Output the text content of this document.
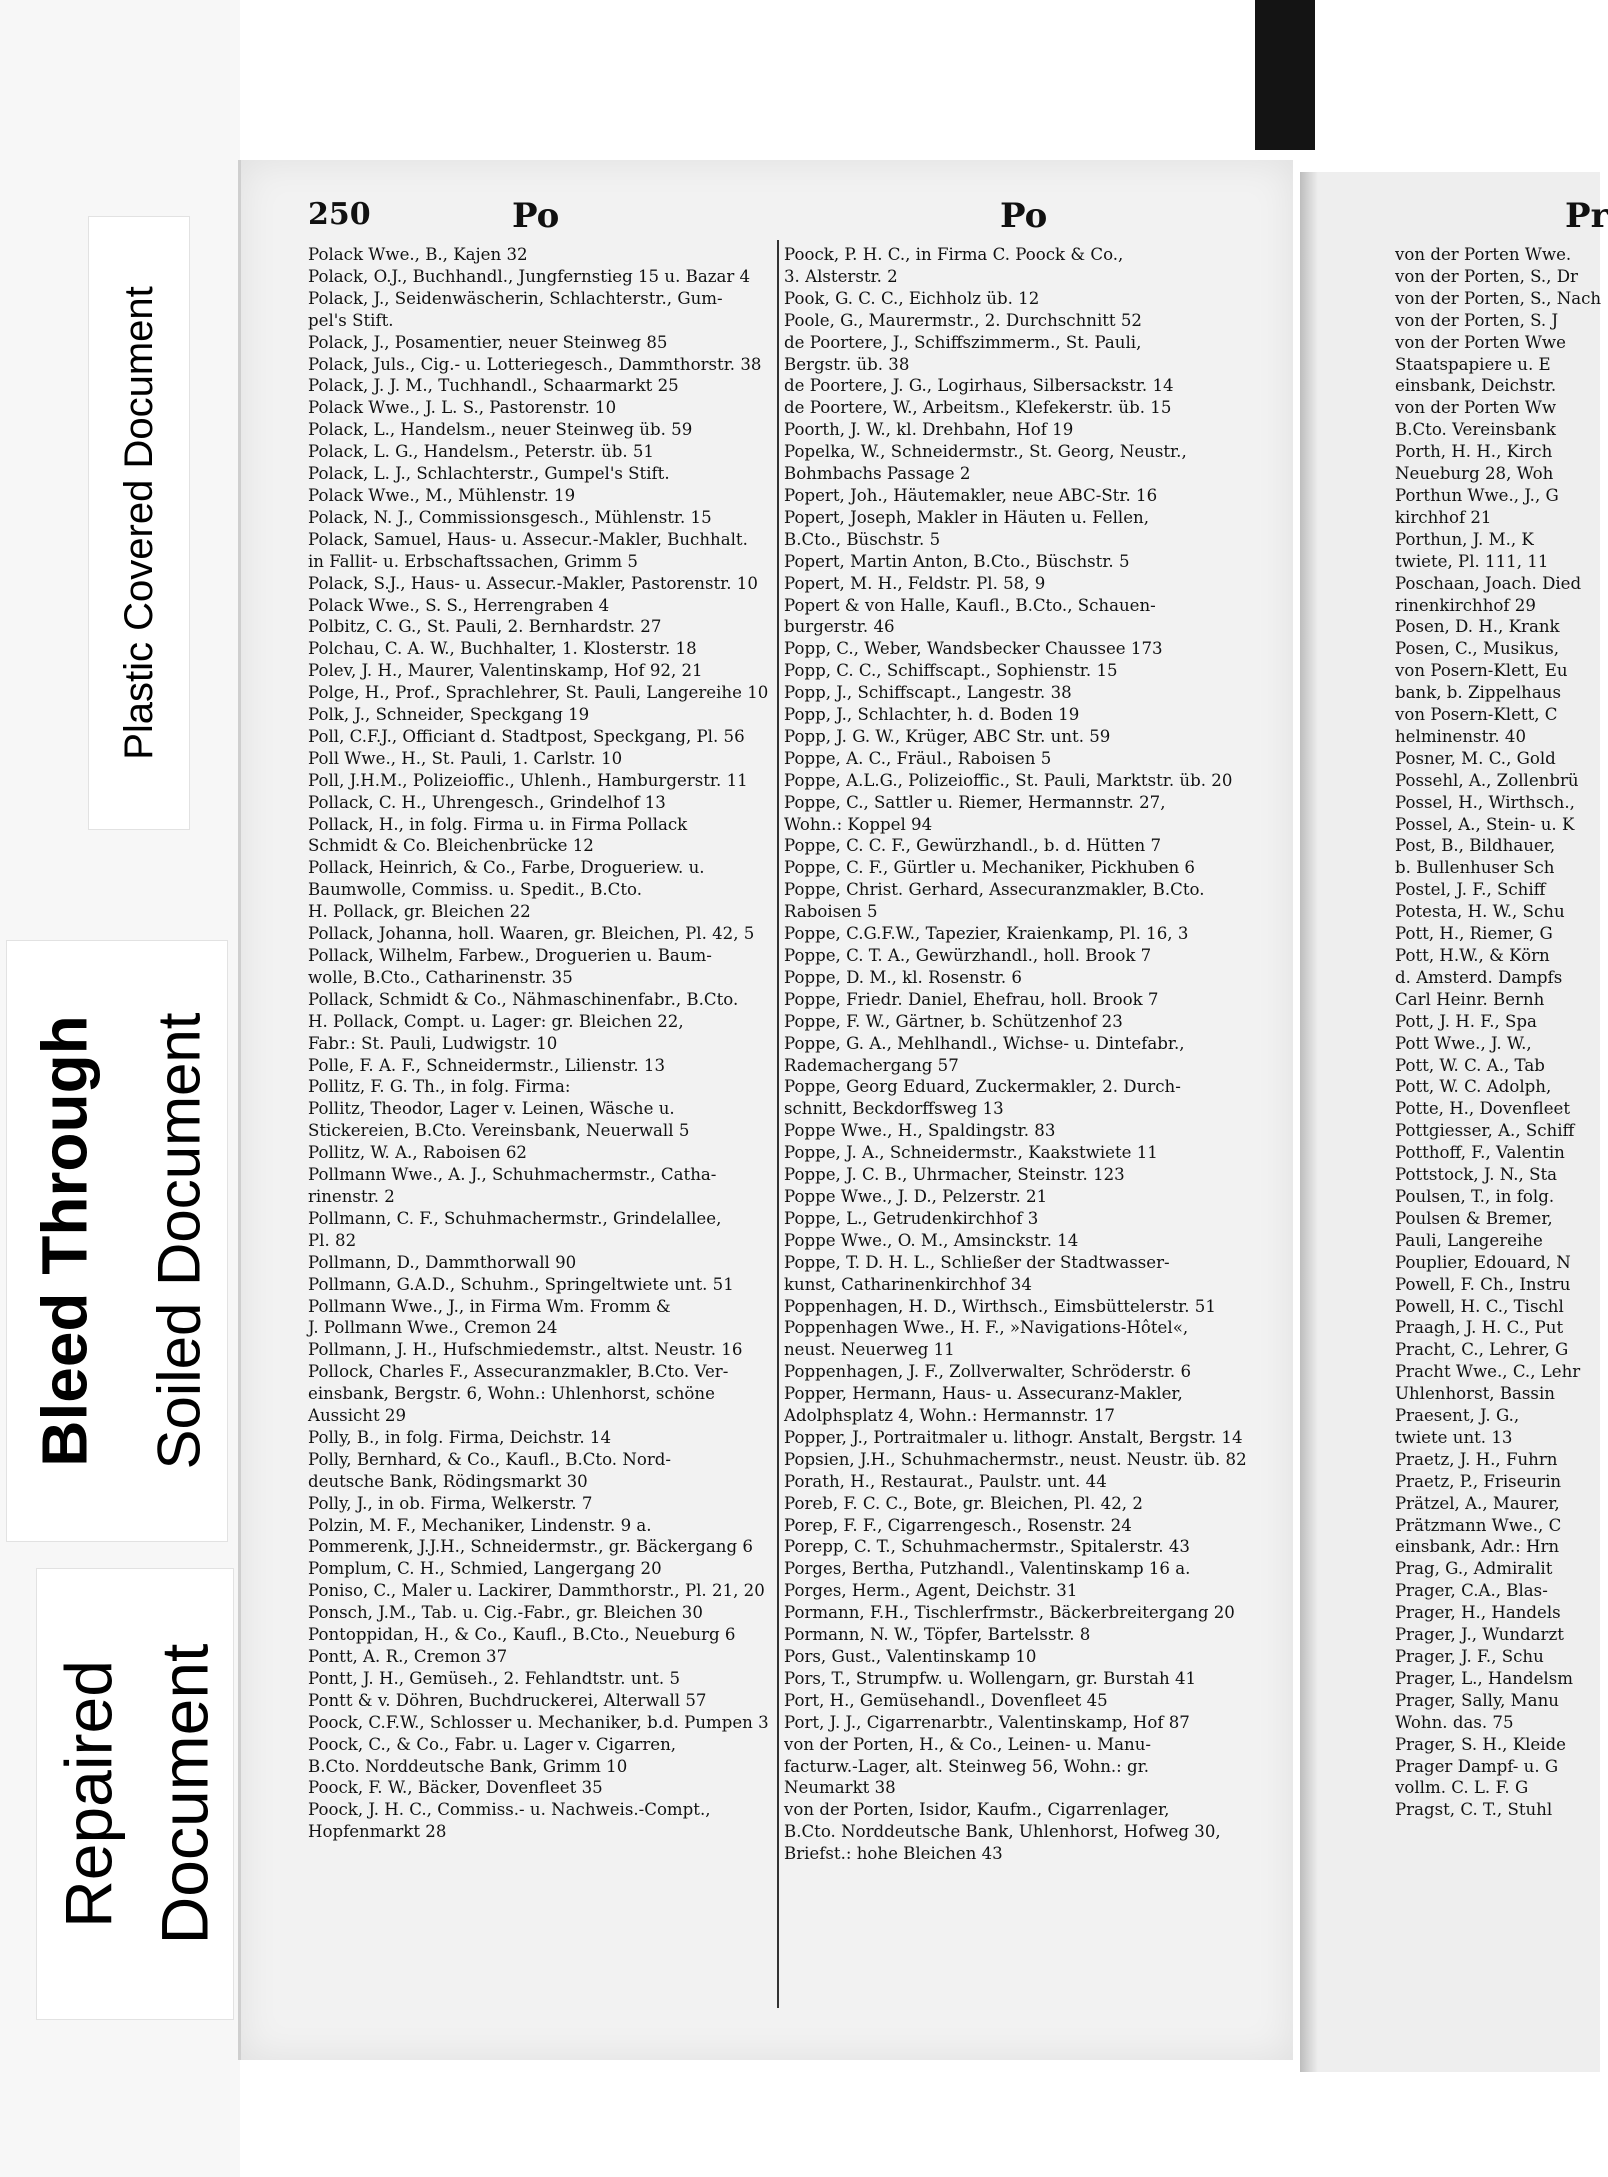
Plastic Covered Document
Bleed Through Soiled Document
Repaired Document
250	Po	Po
Polack Wwe., B., Kajen 32
Polack, O.J., Buchhandl., Jungfernstieg 15 u. Bazar 4
Polack, J., Seidenwäscherin, Schlachterstr., Gum-
pel's Stift.
Polack, J., Posamentier, neuer Steinweg 85
Polack, Juls., Cig.- u. Lotteriegesch., Dammthorstr. 38
Polack, J. J. M., Tuchhandl., Schaarmarkt 25
Polack Wwe., J. L. S., Pastorenstr. 10
Polack, L., Handelsm., neuer Steinweg üb. 59
Polack, L. G., Handelsm., Peterstr. üb. 51
Polack, L. J., Schlachterstr., Gumpel's Stift.
Polack Wwe., M., Mühlenstr. 19
Polack, N. J., Commissionsgesch., Mühlenstr. 15
Polack, Samuel, Haus- u. Assecur.-Makler, Buchhalt.
in Fallit- u. Erbschaftssachen, Grimm 5
Polack, S.J., Haus- u. Assecur.-Makler, Pastorenstr. 10
Polack Wwe., S. S., Herrengraben 4
Polbitz, C. G., St. Pauli, 2. Bernhardstr. 27
Polchau, C. A. W., Buchhalter, 1. Klosterstr. 18
Polev, J. H., Maurer, Valentinskamp, Hof 92, 21
Polge, H., Prof., Sprachlehrer, St. Pauli, Langereihe 10
Polk, J., Schneider, Speckgang 19
Poll, C.F.J., Officiant d. Stadtpost, Speckgang, Pl. 56
Poll Wwe., H., St. Pauli, 1. Carlstr. 10
Poll, J.H.M., Polizeioffic., Uhlenh., Hamburgerstr. 11
Pollack, C. H., Uhrengesch., Grindelhof 13
Pollack, H., in folg. Firma u. in Firma Pollack
Schmidt & Co. Bleichenbrücke 12
Pollack, Heinrich, & Co., Farbe, Drogueriew. u.
Baumwolle, Commiss. u. Spedit., B.Cto.
H. Pollack, gr. Bleichen 22
Pollack, Johanna, holl. Waaren, gr. Bleichen, Pl. 42, 5
Pollack, Wilhelm, Farbew., Droguerien u. Baum-
wolle, B.Cto., Catharinenstr. 35
Pollack, Schmidt & Co., Nähmaschinenfabr., B.Cto.
H. Pollack, Compt. u. Lager: gr. Bleichen 22,
Fabr.: St. Pauli, Ludwigstr. 10
Polle, F. A. F., Schneidermstr., Lilienstr. 13
Pollitz, F. G. Th., in folg. Firma:
Pollitz, Theodor, Lager v. Leinen, Wäsche u.
Stickereien, B.Cto. Vereinsbank, Neuerwall 5
Pollitz, W. A., Raboisen 62
Pollmann Wwe., A. J., Schuhmachermstr., Catha-
rinenstr. 2
Pollmann, C. F., Schuhmachermstr., Grindelallee,
Pl. 82
Pollmann, D., Dammthorwall 90
Pollmann, G.A.D., Schuhm., Springeltwiete unt. 51
Pollmann Wwe., J., in Firma Wm. Fromm &
J. Pollmann Wwe., Cremon 24
Pollmann, J. H., Hufschmiedemstr., altst. Neustr. 16
Pollock, Charles F., Assecuranzmakler, B.Cto. Ver-
einsbank, Bergstr. 6, Wohn.: Uhlenhorst, schöne
Aussicht 29
Polly, B., in folg. Firma, Deichstr. 14
Polly, Bernhard, & Co., Kaufl., B.Cto. Nord-
deutsche Bank, Rödingsmarkt 30
Polly, J., in ob. Firma, Welkerstr. 7
Polzin, M. F., Mechaniker, Lindenstr. 9 a.
Pommerenk, J.J.H., Schneidermstr., gr. Bäckergang 6
Pomplum, C. H., Schmied, Langergang 20
Poniso, C., Maler u. Lackirer, Dammthorstr., Pl. 21, 20
Ponsch, J.M., Tab. u. Cig.-Fabr., gr. Bleichen 30
Pontoppidan, H., & Co., Kaufl., B.Cto., Neueburg 6
Pontt, A. R., Cremon 37
Pontt, J. H., Gemüseh., 2. Fehlandtstr. unt. 5
Pontt & v. Döhren, Buchdruckerei, Alterwall 57
Poock, C.F.W., Schlosser u. Mechaniker, b.d. Pumpen 3
Poock, C., & Co., Fabr. u. Lager v. Cigarren,
B.Cto. Norddeutsche Bank, Grimm 10
Poock, F. W., Bäcker, Dovenfleet 35
Poock, J. H. C., Commiss.- u. Nachweis.-Compt.,
Hopfenmarkt 28
Poock, P. H. C., in Firma C. Poock & Co.,
3. Alsterstr. 2
Pook, G. C. C., Eichholz üb. 12
Poole, G., Maurermstr., 2. Durchschnitt 52
de Poortere, J., Schiffszimmerm., St. Pauli,
Bergstr. üb. 38
de Poortere, J. G., Logirhaus, Silbersackstr. 14
de Poortere, W., Arbeitsm., Klefekerstr. üb. 15
Poorth, J. W., kl. Drehbahn, Hof 19
Popelka, W., Schneidermstr., St. Georg, Neustr.,
Bohmbachs Passage 2
Popert, Joh., Häutemakler, neue ABC-Str. 16
Popert, Joseph, Makler in Häuten u. Fellen,
B.Cto., Büschstr. 5
Popert, Martin Anton, B.Cto., Büschstr. 5
Popert, M. H., Feldstr. Pl. 58, 9
Popert & von Halle, Kaufl., B.Cto., Schauen-
burgerstr. 46
Popp, C., Weber, Wandsbecker Chaussee 173
Popp, C. C., Schiffscapt., Sophienstr. 15
Popp, J., Schiffscapt., Langestr. 38
Popp, J., Schlachter, h. d. Boden 19
Popp, J. G. W., Krüger, ABC Str. unt. 59
Poppe, A. C., Fräul., Raboisen 5
Poppe, A.L.G., Polizeioffic., St. Pauli, Marktstr. üb. 20
Poppe, C., Sattler u. Riemer, Hermannstr. 27,
Wohn.: Koppel 94
Poppe, C. C. F., Gewürzhandl., b. d. Hütten 7
Poppe, C. F., Gürtler u. Mechaniker, Pickhuben 6
Poppe, Christ. Gerhard, Assecuranzmakler, B.Cto.
Raboisen 5
Poppe, C.G.F.W., Tapezier, Kraienkamp, Pl. 16, 3
Poppe, C. T. A., Gewürzhandl., holl. Brook 7
Poppe, D. M., kl. Rosenstr. 6
Poppe, Friedr. Daniel, Ehefrau, holl. Brook 7
Poppe, F. W., Gärtner, b. Schützenhof 23
Poppe, G. A., Mehlhandl., Wichse- u. Dintefabr.,
Rademachergang 57
Poppe, Georg Eduard, Zuckermakler, 2. Durch-
schnitt, Beckdorffsweg 13
Poppe Wwe., H., Spaldingstr. 83
Poppe, J. A., Schneidermstr., Kaakstwiete 11
Poppe, J. C. B., Uhrmacher, Steinstr. 123
Poppe Wwe., J. D., Pelzerstr. 21
Poppe, L., Getrudenkirchhof 3
Poppe Wwe., O. M., Amsinckstr. 14
Poppe, T. D. H. L., Schließer der Stadtwasser-
kunst, Catharinenkirchhof 34
Poppenhagen, H. D., Wirthsch., Eimsbüttelerstr. 51
Poppenhagen Wwe., H. F., »Navigations-Hôtel«,
neust. Neuerweg 11
Poppenhagen, J. F., Zollverwalter, Schröderstr. 6
Popper, Hermann, Haus- u. Assecuranz-Makler,
Adolphsplatz 4, Wohn.: Hermannstr. 17
Popper, J., Portraitmaler u. lithogr. Anstalt, Bergstr. 14
Popsien, J.H., Schuhmachermstr., neust. Neustr. üb. 82
Porath, H., Restaurat., Paulstr. unt. 44
Poreb, F. C. C., Bote, gr. Bleichen, Pl. 42, 2
Porep, F. F., Cigarrengesch., Rosenstr. 24
Porepp, C. T., Schuhmachermstr., Spitalerstr. 43
Porges, Bertha, Putzhandl., Valentinskamp 16 a.
Porges, Herm., Agent, Deichstr. 31
Pormann, F.H., Tischlerfrmstr., Bäckerbreitergang 20
Pormann, N. W., Töpfer, Bartelsstr. 8
Pors, Gust., Valentinskamp 10
Pors, T., Strumpfw. u. Wollengarn, gr. Burstah 41
Port, H., Gemüsehandl., Dovenfleet 45
Port, J. J., Cigarrenarbtr., Valentinskamp, Hof 87
von der Porten, H., & Co., Leinen- u. Manu-
facturw.-Lager, alt. Steinweg 56, Wohn.: gr.
Neumarkt 38
von der Porten, Isidor, Kaufm., Cigarrenlager,
B.Cto. Norddeutsche Bank, Uhlenhorst, Hofweg 30,
Briefst.: hohe Bleichen 43
Pr
von der Porten Wwe.
von der Porten, S., Dr
von der Porten, S., Nach
von der Porten, S. J
von der Porten Wwe
Staatspapiere u. E
einsbank, Deichstr.
von der Porten Ww
B.Cto. Vereinsbank
Porth, H. H., Kirch
Neueburg 28, Woh
Porthun Wwe., J., G
kirchhof 21
Porthun, J. M., K
twiete, Pl. 111, 11
Poschaan, Joach. Died
rinenkirchhof 29
Posen, D. H., Krank
Posen, C., Musikus,
von Posern-Klett, Eu
bank, b. Zippelhaus
von Posern-Klett, C
helminenstr. 40
Posner, M. C., Gold
Possehl, A., Zollenbrü
Possel, H., Wirthsch.,
Possel, A., Stein- u. K
Post, B., Bildhauer,
b. Bullenhuser Sch
Postel, J. F., Schiff
Potesta, H. W., Schu
Pott, H., Riemer, G
Pott, H.W., & Körn
d. Amsterd. Dampfs
Carl Heinr. Bernh
Pott, J. H. F., Spa
Pott Wwe., J. W.,
Pott, W. C. A., Tab
Pott, W. C. Adolph,
Potte, H., Dovenfleet
Pottgiesser, A., Schiff
Potthoff, F., Valentin
Pottstock, J. N., Sta
Poulsen, T., in folg.
Poulsen & Bremer,
Pauli, Langereihe
Pouplier, Edouard, N
Powell, F. Ch., Instru
Powell, H. C., Tischl
Praagh, J. H. C., Put
Pracht, C., Lehrer, G
Pracht Wwe., C., Lehr
Uhlenhorst, Bassin
Praesent, J. G.,
twiete unt. 13
Praetz, J. H., Fuhrn
Praetz, P., Friseurin
Prätzel, A., Maurer,
Prätzmann Wwe., C
einsbank, Adr.: Hrn
Prag, G., Admiralit
Prager, C.A., Blas-
Prager, H., Handels
Prager, J., Wundarzt
Prager, J. F., Schu
Prager, L., Handelsm
Prager, Sally, Manu
Wohn. das. 75
Prager, S. H., Kleide
Prager Dampf- u. G
vollm. C. L. F. G
Pragst, C. T., Stuhl
